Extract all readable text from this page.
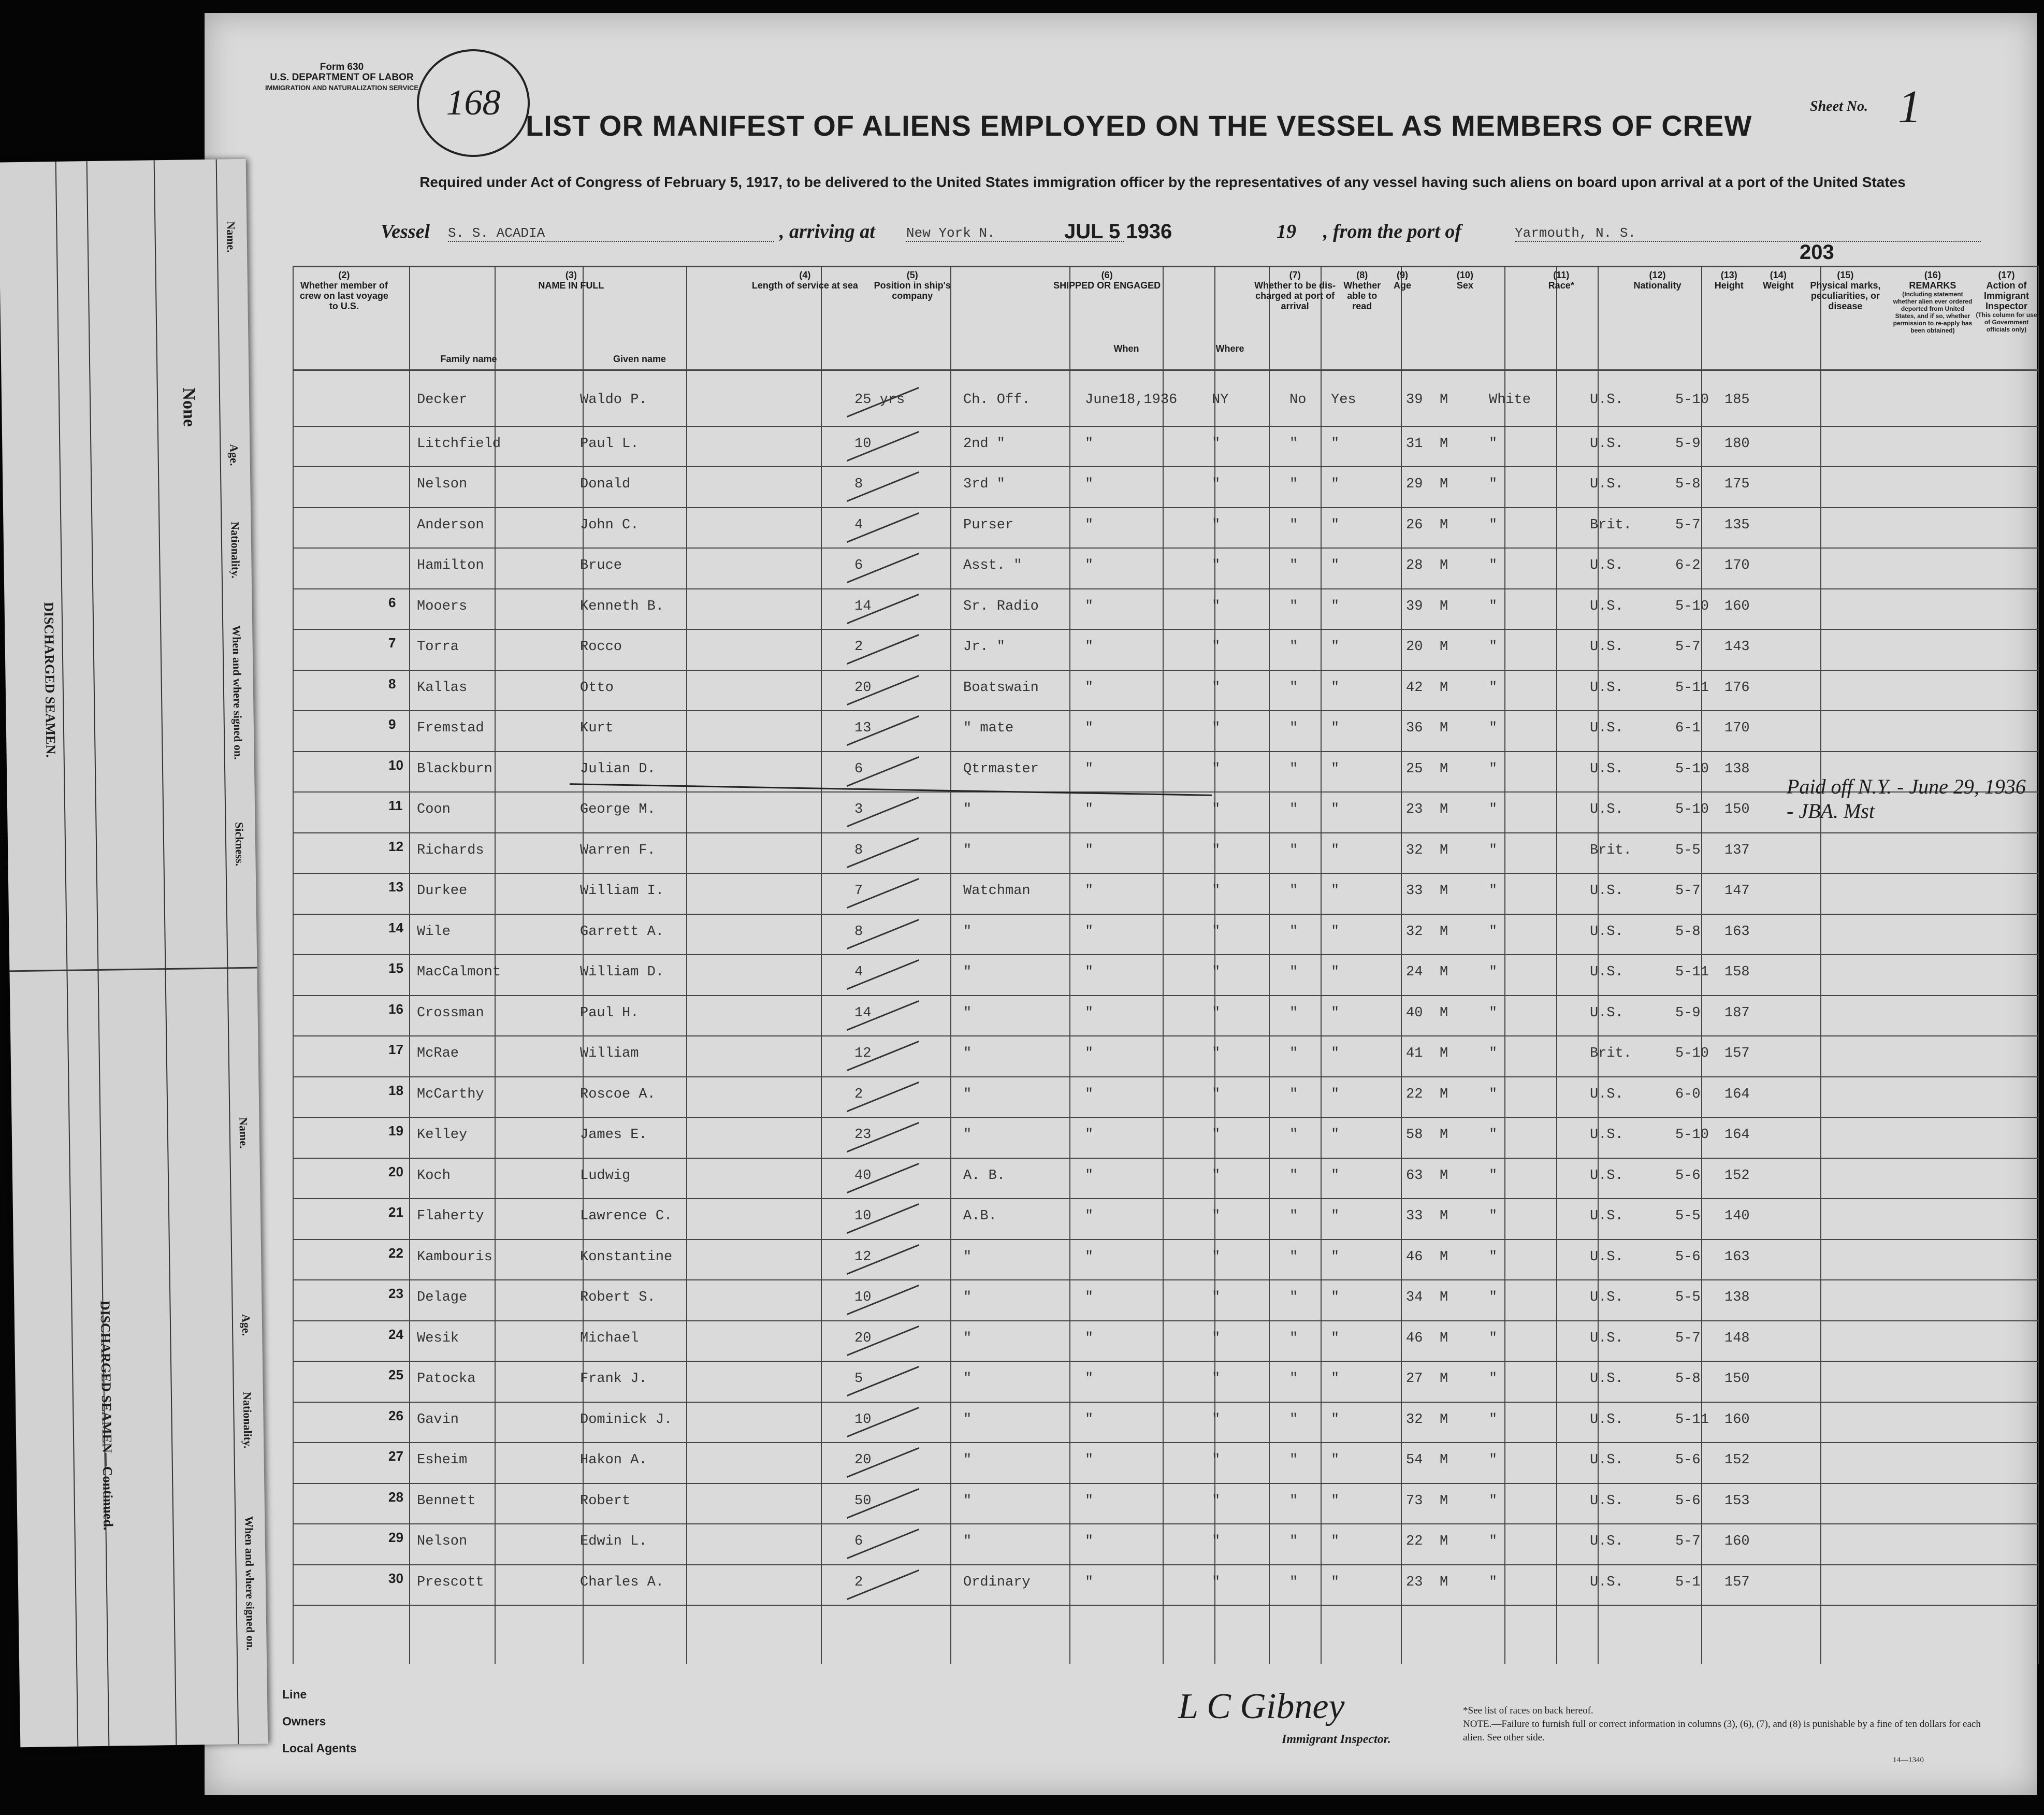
Form 630
U.S. DEPARTMENT OF LABOR
IMMIGRATION AND NATURALIZATION SERVICE 168	Sheet No. 1
LIST OR MANIFEST OF ALIENS EMPLOYED ON THE VESSEL AS MEMBERS OF CREW
Required under Act of Congress of February 5, 1917, to be delivered to the United States immigration officer by the representatives of any vessel having such aliens on board upon arrival at a port of the United States
Vessel S. S. ACADIA	, arriving at New York N.	JUL 5 1936	19 , from the port of	Yarmouth, N. S.
203
(2)
Whether member of crew on last voyage to U.S.
(3)
NAME IN FULL
(4)
Length of service at sea
(5)
Position in ship's company
(6)
SHIPPED OR ENGAGED
(7)
Whether to be dis-charged at port of arrival
(8)
Whether able to read
(9)
Age
(10)
Sex
(11)
Race*
(12)
Nationality
(13)
Height
(14)
Weight
(15)
Physical marks, peculiarities, or disease
(16)
REMARKS
(Including statement whether alien ever ordered deported from United States, and if so, whether permission to re-apply has been obtained)
(17)
Action of Immigrant Inspector
(This column for use of Government officials only)
Family name	Given name
When	Where
Decker	Waldo P.	25 yrs	Ch. Off.	June18,1936 NY	No Yes	39 M	White	U.S.	5-10 185
Litchfield	Paul L.	10	2nd "	"	"	" "	31 M	"	U.S.	5-9 180
Nelson	Donald	8	3rd "	"	"	" "	29 M	"	U.S.	5-8 175
Anderson	John C.	4	Purser	"	"	" "	26 M	"	Brit.	5-7 135
Hamilton	Bruce	6	Asst. "	"	"	" "	28 M	"	U.S.	6-2 170
6 Mooers	Kenneth B.	14	Sr. Radio	"	"	" "	39 M	"	U.S.	5-10 160
7 Torra	Rocco	2	Jr. "	"	"	" "	20 M	"	U.S.	5-7 143
8 Kallas	Otto	20	Boatswain	"	"	" "	42 M	"	U.S.	5-11 176
9 Fremstad	Kurt	13	" mate	"	"	" "	36 M	"	U.S.	6-1 170
10 Blackburn	Julian D.	6	Qtrmaster	"	"	" "	25 M	"	U.S.	5-10 138
11 Coon	George M.	3	"	"	"	" "	23 M	"	U.S.	5-10 150
12 Richards	Warren F.	8	"	"	"	" "	32 M	"	Brit.	5-5 137
13 Durkee	William I.	7	Watchman	"	"	" "	33 M	"	U.S.	5-7 147
14 Wile	Garrett A.	8	"	"	"	" "	32 M	"	U.S.	5-8 163
15 MacCalmont	William D.	4	"	"	"	" "	24 M	"	U.S.	5-11 158
16 Crossman	Paul H.	14	"	"	"	" "	40 M	"	U.S.	5-9 187
17 McRae	William	12	"	"	"	" "	41 M	"	Brit.	5-10 157
18 McCarthy	Roscoe A.	2	"	"	"	" "	22 M	"	U.S.	6-0 164
19 Kelley	James E.	23	"	"	"	" "	58 M	"	U.S.	5-10 164
20 Koch	Ludwig	40	A. B.	"	"	" "	63 M	"	U.S.	5-6 152
21 Flaherty	Lawrence C.	10	A.B.	"	"	" "	33 M	"	U.S.	5-5 140
22 Kambouris	Konstantine	12	"	"	"	" "	46 M	"	U.S.	5-6 163
23 Delage	Robert S.	10	"	"	"	" "	34 M	"	U.S.	5-5 138
24 Wesik	Michael	20	"	"	"	" "	46 M	"	U.S.	5-7 148
25 Patocka	Frank J.	5	"	"	"	" "	27 M	"	U.S.	5-8 150
26 Gavin	Dominick J.	10	"	"	"	" "	32 M	"	U.S.	5-11 160
27 Esheim	Hakon A.	20	"	"	"	" "	54 M	"	U.S.	5-6 152
28 Bennett	Robert	50	"	"	"	" "	73 M	"	U.S.	5-6 153
29 Nelson	Edwin L.	6	"	"	"	" "	22 M	"	U.S.	5-7 160
30 Prescott	Charles A.	2	Ordinary	"	"	" "	23 M	"	U.S.	5-1 157
Paid off N.Y. - June 29, 1936 - JBA. Mst
Line
Owners
Local Agents
L C Gibney
Immigrant Inspector.
*See list of races on back hereof.
NOTE.—Failure to furnish full or correct information in columns (3), (6), (7), and (8) is punishable by a fine of ten dollars for each alien. See other side.
14—1340
DISCHARGED SEAMEN.
Name.
Age.
Nationality.
When and where signed on.
Sickness.
None
Name.
DISCHARGED SEAMEN—Continued.	Age.
Nationality.
When and where signed on.
